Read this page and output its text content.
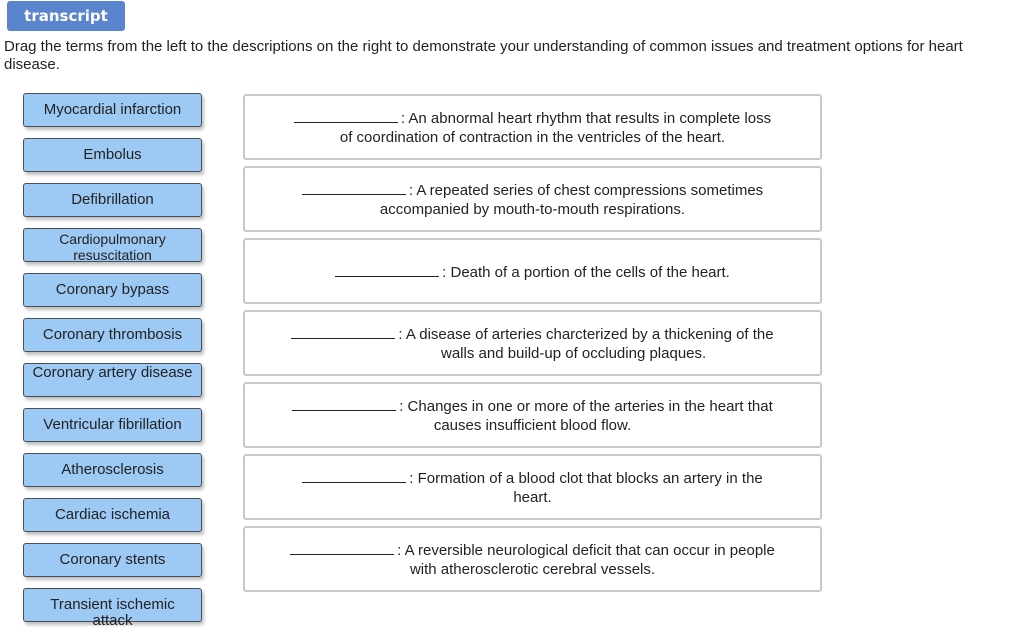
transcript
Drag the terms from the left to the descriptions on the right to demonstrate your understanding of common issues and treatment options for heart disease.
Myocardial infarction
Embolus
Defibrillation
Cardiopulmonary resuscitation
Coronary bypass
Coronary thrombosis
Coronary artery disease
Ventricular fibrillation
Atherosclerosis
Cardiac ischemia
Coronary stents
Transient ischemic attack
: An abnormal heart rhythm that results in complete loss
of coordination of contraction in the ventricles of the heart.
: A repeated series of chest compressions sometimes
accompanied by mouth-to-mouth respirations.
: Death of a portion of the cells of the heart.
: A disease of arteries charcterized by a thickening of the
walls and build-up of occluding plaques.
: Changes in one or more of the arteries in the heart that
causes insufficient blood flow.
: Formation of a blood clot that blocks an artery in the
heart.
: A reversible neurological deficit that can occur in people
with atherosclerotic cerebral vessels.
